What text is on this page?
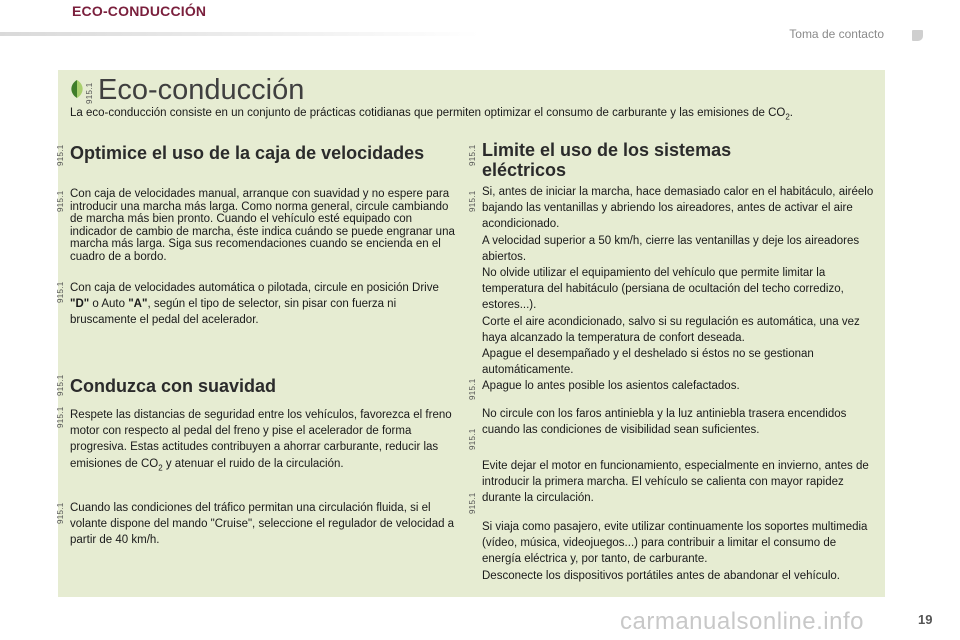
ECO-CONDUCCIÓN
Toma de contacto
Eco-conducción
La eco-conducción consiste en un conjunto de prácticas cotidianas que permiten optimizar el consumo de carburante y las emisiones de $CO_2$.
915.1
915.1
915.1
915.1
915.1
915.1
915.1
915.1
915.1
915.1
915.1
915.1
Optimice el uso de la caja de velocidades
Con caja de velocidades manual, arranque con suavidad y no espere para introducir una marcha más larga. Como norma general, circule cambiando de marcha más bien pronto. Cuando el vehículo esté equipado con indicador de cambio de marcha, éste indica cuándo se puede engranar una marcha más larga. Siga sus recomendaciones cuando se encienda en el cuadro de a bordo.
Con caja de velocidades automática o pilotada, circule en posición Drive "D" o Auto "A", según el tipo de selector, sin pisar con fuerza ni bruscamente el pedal del acelerador.
Conduzca con suavidad
Respete las distancias de seguridad entre los vehículos, favorezca el freno motor con respecto al pedal del freno y pise el acelerador de forma progresiva. Estas actitudes contribuyen a ahorrar carburante, reducir las emisiones de $CO_2$ y atenuar el ruido de la circulación.
Cuando las condiciones del tráfico permitan una circulación fluida, si el volante dispone del mando "Cruise", seleccione el regulador de velocidad a partir de 40 km/h.
Limite el uso de los sistemas
eléctricos
Si, antes de iniciar la marcha, hace demasiado calor en el habitáculo, airéelo bajando las ventanillas y abriendo los aireadores, antes de activar el aire acondicionado.
A velocidad superior a 50 km/h, cierre las ventanillas y deje los aireadores abiertos.
No olvide utilizar el equipamiento del vehículo que permite limitar la temperatura del habitáculo (persiana de ocultación del techo corredizo, estores...).
Corte el aire acondicionado, salvo si su regulación es automática, una vez haya alcanzado la temperatura de confort deseada.
Apague el desempañado y el deshelado si éstos no se gestionan automáticamente.
Apague lo antes posible los asientos calefactados.
No circule con los faros antiniebla y la luz antiniebla trasera encendidos cuando las condiciones de visibilidad sean suficientes.
Evite dejar el motor en funcionamiento, especialmente en invierno, antes de introducir la primera marcha. El vehículo se calienta con mayor rapidez durante la circulación.
Si viaja como pasajero, evite utilizar continuamente los soportes multimedia (vídeo, música, videojuegos...) para contribuir a limitar el consumo de energía eléctrica y, por tanto, de carburante.
Desconecte los dispositivos portátiles antes de abandonar el vehículo.
19
carmanualsonline.info
